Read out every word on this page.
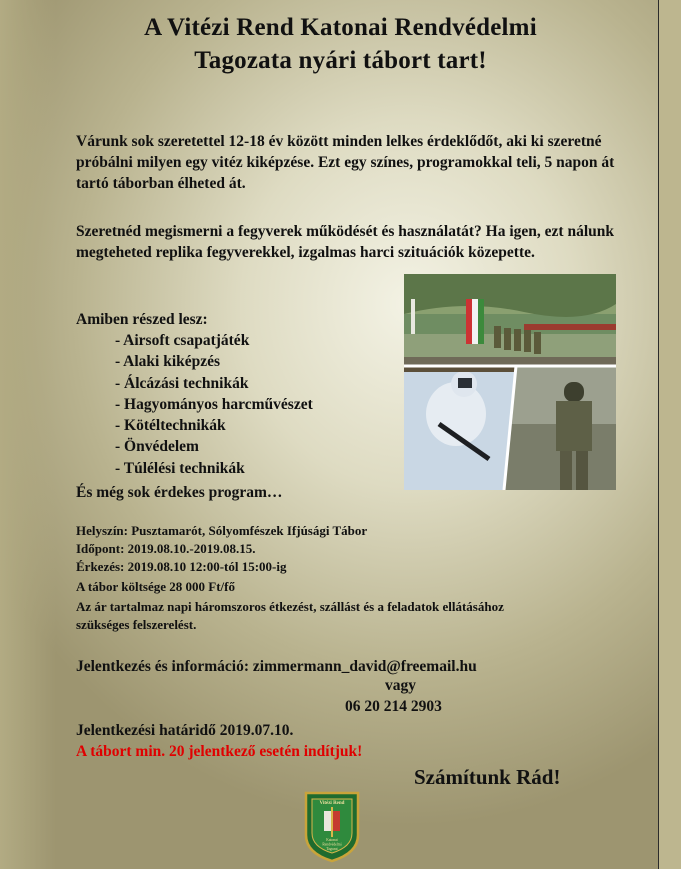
A Vitézi Rend Katonai Rendvédelmi
Tagozata nyári tábort tart!
Várunk sok szeretettel 12-18 év között minden lelkes érdeklődőt, aki ki szeretné próbálni milyen egy vitéz kiképzése. Ezt egy színes, programokkal teli, 5 napon át tartó táborban élheted át.
Szeretnéd megismerni a fegyverek működését és használatát? Ha igen, ezt nálunk megteheted replika fegyverekkel, izgalmas harci szituációk közepette.
Amiben részed lesz:
- Airsoft csapatjáték
- Alaki kiképzés
- Álcázási technikák
- Hagyományos harcművészet
- Kötéltechnikák
- Önvédelem
- Túlélési technikák
És még sok érdekes program…
Helyszín: Pusztamarót, Sólyomfészek Ifjúsági Tábor
Időpont: 2019.08.10.-2019.08.15.
Érkezés: 2019.08.10 12:00-tól 15:00-ig
A tábor költsége 28 000 Ft/fő
Az ár tartalmaz napi háromszoros étkezést, szállást és a feladatok ellátásához szükséges felszerelést.
Jelentkezés és információ: zimmermann_david@freemail.hu
vagy
06 20 214 2903
Jelentkezési határidő 2019.07.10.
A tábort min. 20 jelentkező esetén indítjuk!
Számítunk Rád!
Vitézi Rend
Katonai
Rendvédelmi
Tagozat
